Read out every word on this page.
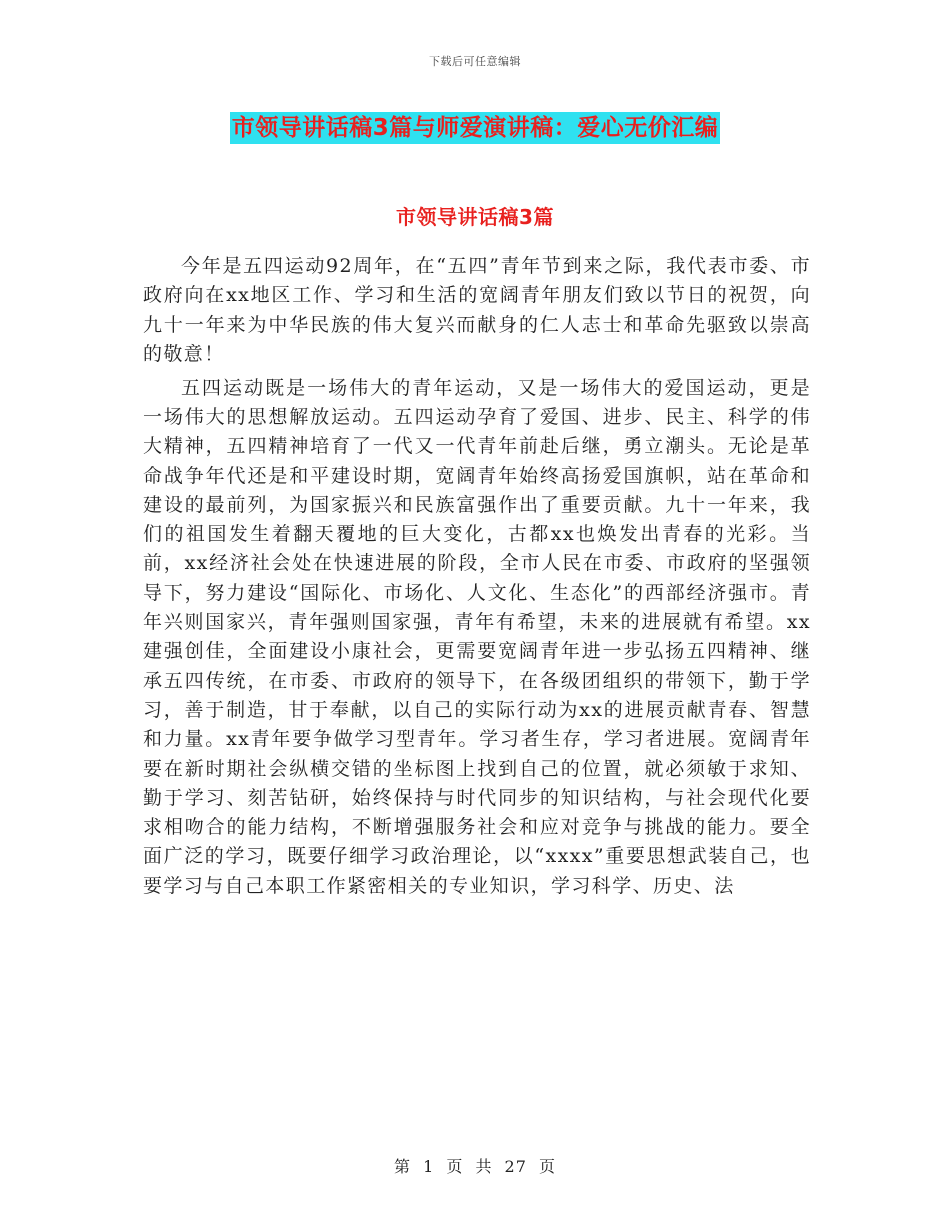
下载后可任意编辑
市领导讲话稿3篇与师爱演讲稿：爱心无价汇编
市领导讲话稿3篇

今年是五四运动92周年，在“五四”青年节到来之际，我代表市委、市政府向在xx地区工作、学习和生活的宽阔青年朋友们致以节日的祝贺，向九十一年来为中华民族的伟大复兴而献身的仁人志士和革命先驱致以崇高的敬意！

五四运动既是一场伟大的青年运动，又是一场伟大的爱国运动，更是一场伟大的思想解放运动。五四运动孕育了爱国、进步、民主、科学的伟大精神，五四精神培育了一代又一代青年前赴后继，勇立潮头。无论是革命战争年代还是和平建设时期，宽阔青年始终高扬爱国旗帜，站在革命和建设的最前列，为国家振兴和民族富强作出了重要贡献。九十一年来，我们的祖国发生着翻天覆地的巨大变化，古都xx也焕发出青春的光彩。当前，xx经济社会处在快速进展的阶段，全市人民在市委、市政府的坚强领导下，努力建设“国际化、市场化、人文化、生态化”的西部经济强市。青年兴则国家兴，青年强则国家强，青年有希望，未来的进展就有希望。xx建强创佳，全面建设小康社会，更需要宽阔青年进一步弘扬五四精神、继承五四传统，在市委、市政府的领导下，在各级团组织的带领下，勤于学习，善于制造，甘于奉献，以自己的实际行动为xx的进展贡献青春、智慧和力量。xx青年要争做学习型青年。学习者生存，学习者进展。宽阔青年要在新时期社会纵横交错的坐标图上找到自己的位置，就必须敏于求知、勤于学习、刻苦钻研，始终保持与时代同步的知识结构，与社会现代化要求相吻合的能力结构，不断增强服务社会和应对竞争与挑战的能力。要全面广泛的学习，既要仔细学习政治理论，以“xxxx”重要思想武装自己，也要学习与自己本职工作紧密相关的专业知识，学习科学、历史、法

第 1 页 共 27 页
